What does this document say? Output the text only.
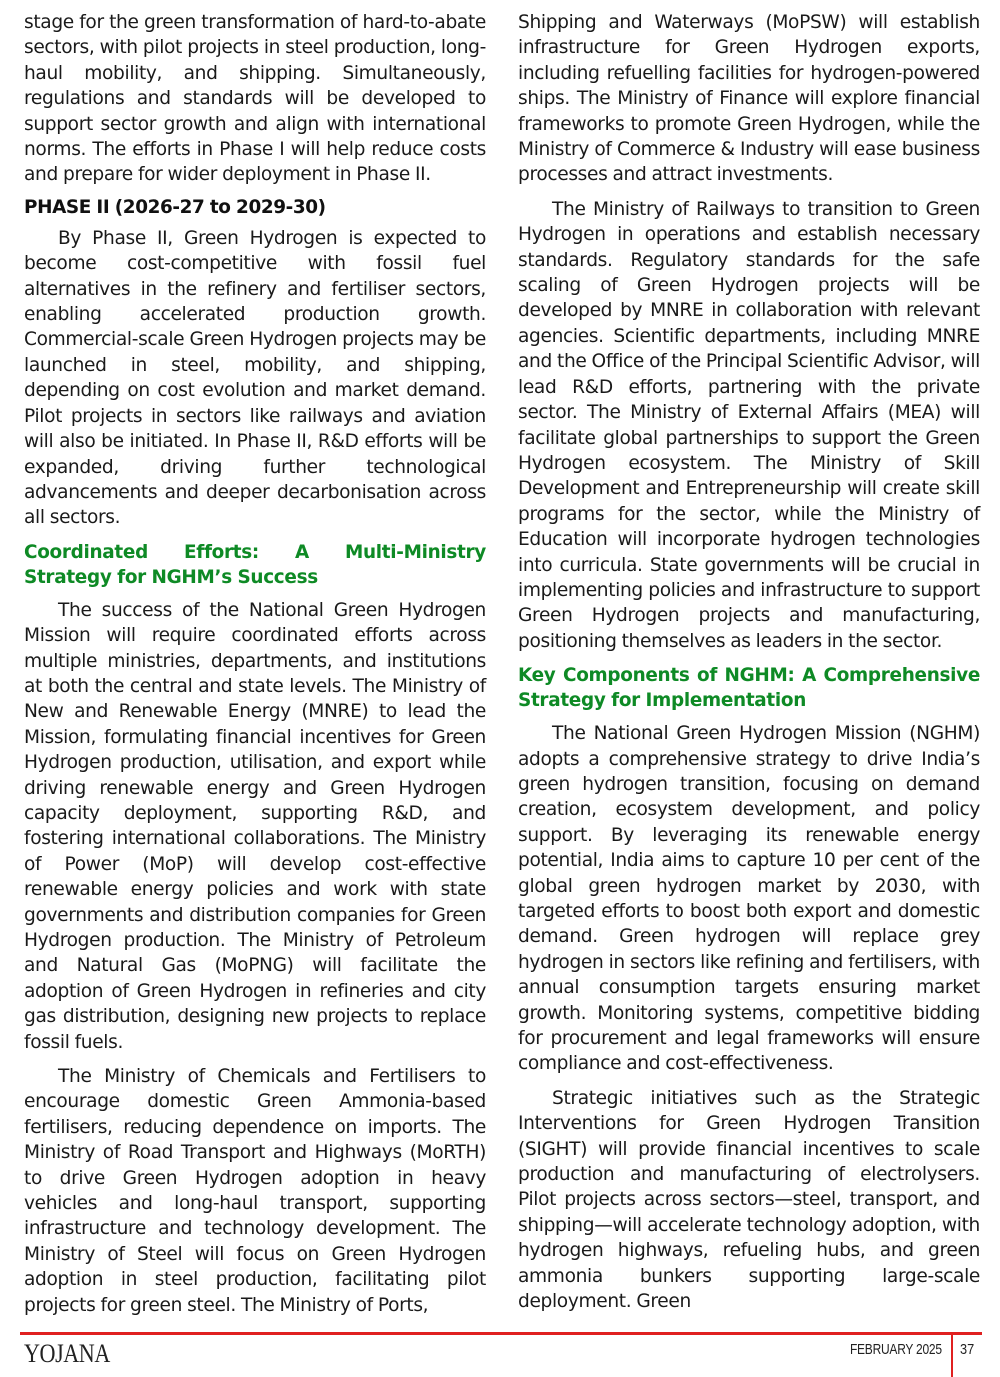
stage for the green transformation of hard-to-abate sectors, with pilot projects in steel production, long-haul mobility, and shipping. Simultaneously, regulations and standards will be developed to support sector growth and align with international norms. The efforts in Phase I will help reduce costs and prepare for wider deployment in Phase II.

PHASE II (2026-27 to 2029-30)

By Phase II, Green Hydrogen is expected to become cost-competitive with fossil fuel alternatives in the refinery and fertiliser sectors, enabling accelerated production growth. Commercial-scale Green Hydrogen projects may be launched in steel, mobility, and shipping, depending on cost evolution and market demand. Pilot projects in sectors like railways and aviation will also be initiated. In Phase II, R&D efforts will be expanded, driving further technological advancements and deeper decarbonisation across all sectors.

Coordinated Efforts: A Multi-Ministry Strategy for NGHM’s Success

The success of the National Green Hydrogen Mission will require coordinated efforts across multiple ministries, departments, and institutions at both the central and state levels. The Ministry of New and Renewable Energy (MNRE) to lead the Mission, formulating financial incentives for Green Hydrogen production, utilisation, and export while driving renewable energy and Green Hydrogen capacity deployment, supporting R&D, and fostering international collaborations. The Ministry of Power (MoP) will develop cost-effective renewable energy policies and work with state governments and distribution companies for Green Hydrogen production. The Ministry of Petroleum and Natural Gas (MoPNG) will facilitate the adoption of Green Hydrogen in refineries and city gas distribution, designing new projects to replace fossil fuels.

The Ministry of Chemicals and Fertilisers to encourage domestic Green Ammonia-based fertilisers, reducing dependence on imports. The Ministry of Road Transport and Highways (MoRTH) to drive Green Hydrogen adoption in heavy vehicles and long-haul transport, supporting infrastructure and technology development. The Ministry of Steel will focus on Green Hydrogen adoption in steel production, facilitating pilot projects for green steel. The Ministry of Ports,

Shipping and Waterways (MoPSW) will establish infrastructure for Green Hydrogen exports, including refuelling facilities for hydrogen-powered ships. The Ministry of Finance will explore financial frameworks to promote Green Hydrogen, while the Ministry of Commerce & Industry will ease business processes and attract investments.

The Ministry of Railways to transition to Green Hydrogen in operations and establish necessary standards. Regulatory standards for the safe scaling of Green Hydrogen projects will be developed by MNRE in collaboration with relevant agencies. Scientific departments, including MNRE and the Office of the Principal Scientific Advisor, will lead R&D efforts, partnering with the private sector. The Ministry of External Affairs (MEA) will facilitate global partnerships to support the Green Hydrogen ecosystem. The Ministry of Skill Development and Entrepreneurship will create skill programs for the sector, while the Ministry of Education will incorporate hydrogen technologies into curricula. State governments will be crucial in implementing policies and infrastructure to support Green Hydrogen projects and manufacturing, positioning themselves as leaders in the sector.

Key Components of NGHM: A Comprehensive Strategy for Implementation

The National Green Hydrogen Mission (NGHM) adopts a comprehensive strategy to drive India’s green hydrogen transition, focusing on demand creation, ecosystem development, and policy support. By leveraging its renewable energy potential, India aims to capture 10 per cent of the global green hydrogen market by 2030, with targeted efforts to boost both export and domestic demand. Green hydrogen will replace grey hydrogen in sectors like refining and fertilisers, with annual consumption targets ensuring market growth. Monitoring systems, competitive bidding for procurement and legal frameworks will ensure compliance and cost-effectiveness.

Strategic initiatives such as the Strategic Interventions for Green Hydrogen Transition (SIGHT) will provide financial incentives to scale production and manufacturing of electrolysers. Pilot projects across sectors—steel, transport, and shipping—will accelerate technology adoption, with hydrogen highways, refueling hubs, and green ammonia bunkers supporting large-scale deployment. Green

YOJANA	FEBRUARY 2025 37
